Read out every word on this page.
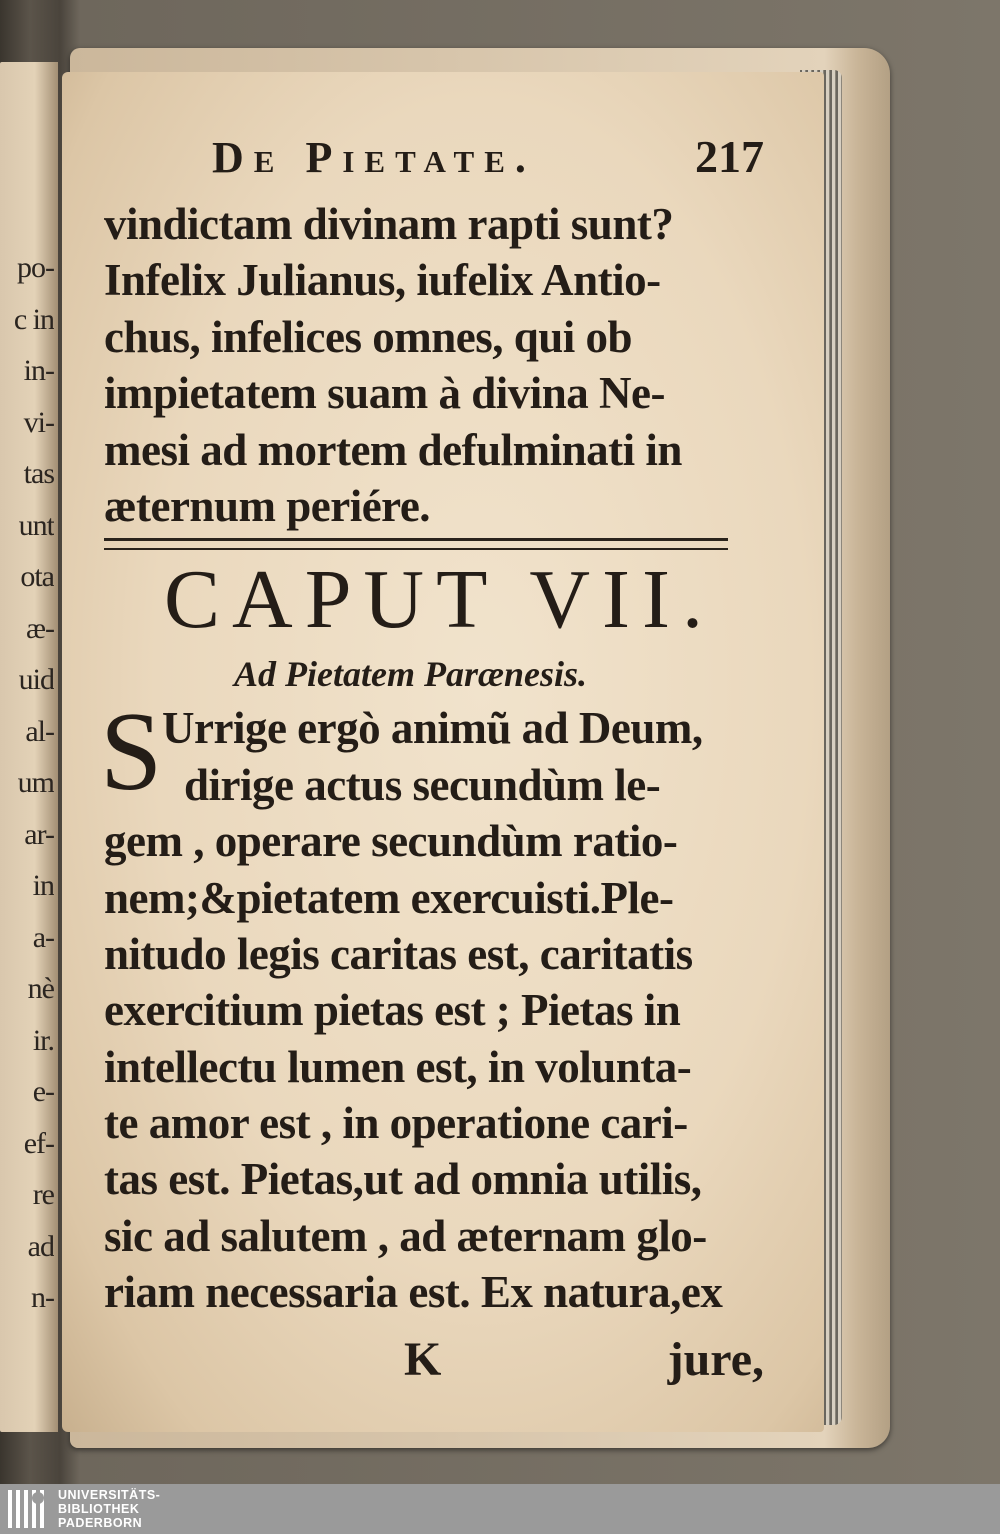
po-
c in
in-
vi-
tas
unt
ota
æ-
uid
al-
um
ar-
in
a-
nè
ir.
e-
ef-
re
ad
n-
De Pietate.	217
vindictam divinam rapti sunt?
Infelix Julianus, iufelix Antio-
chus, infelices omnes, qui ob
impietatem suam à divina Ne-
mesi ad mortem defulminati in
æternum periére.
CAPUT VII.
Ad Pietatem Parænesis.
S Urrige ergò animũ ad Deum,
dirige actus secundùm le-
gem , operare secundùm ratio-
nem;&pietatem exercuisti.Ple-
nitudo legis caritas est, caritatis
exercitium pietas est ; Pietas in
intellectu lumen est, in volunta-
te amor est , in operatione cari-
tas est. Pietas,ut ad omnia utilis,
sic ad salutem , ad æternam glo-
riam necessaria est. Ex natura,ex
K	jure,
UNIVERSITÄTS-
BIBLIOTHEK
PADERBORN
